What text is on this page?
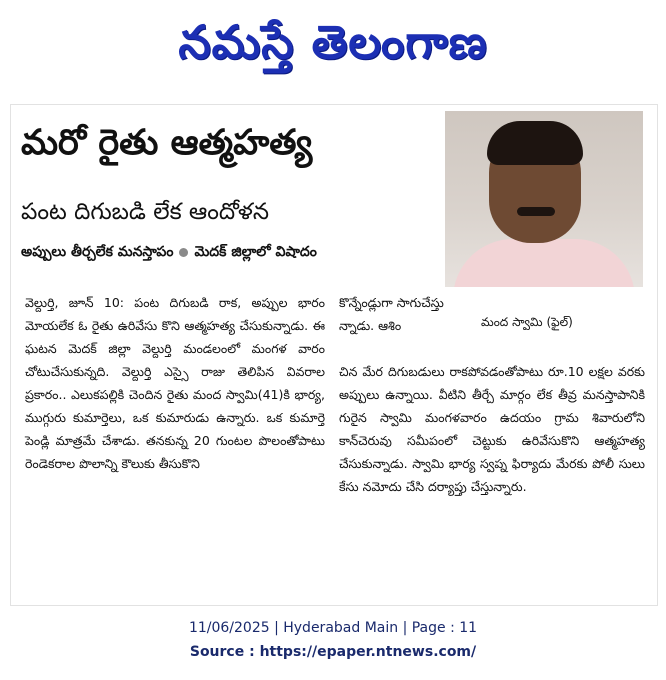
నమస్తే తెలంగాణ
మరో రైతు ఆత్మహత్య
పంట దిగుబడి లేక ఆందోళన
అప్పులు తీర్చలేక మనస్తాపం మెదక్ జిల్లాలో విషాదం

వెల్దుర్తి, జూన్ 10: పంట దిగుబడి రాక, అప్పుల భారం మోయలేక ఓ రైతు ఉరివేసు కొని ఆత్మహత్య చేసుకున్నాడు. ఈ ఘటన మెదక్ జిల్లా వెల్దుర్తి మండలంలో మంగళ వారం చోటుచేసుకున్నది. వెల్దుర్తి ఎస్సై రాజు తెలిపిన వివరాల ప్రకారం.. ఎలుకపల్లికి చెందిన రైతు మంద స్వామి(41)కి భార్య, ముగ్గురు కుమార్తెలు, ఒక కుమారుడు ఉన్నారు. ఒక కుమార్తె పెండ్లి మాత్రమే చేశాడు. తనకున్న 20 గుంటల పొలంతోపాటు రెండెకరాల పొలాన్ని కౌలుకు తీసుకొని

కొన్నేండ్లుగా సాగుచేస్తు న్నాడు. ఆశిం	మంద స్వామి (ఫైల్)

చిన మేర దిగుబడులు రాకపోవడంతోపాటు రూ.10 లక్షల వరకు అప్పులు ఉన్నాయి. వీటిని తీర్చే మార్గం లేక తీవ్ర మనస్తాపానికి గురైన స్వామి మంగళవారం ఉదయం గ్రామ శివారులోని కాన్‌చెరువు సమీపంలో చెట్టుకు ఉరివేసుకొని ఆత్మహత్య చేసుకున్నాడు. స్వామి భార్య స్వప్న ఫిర్యాదు మేరకు పోలీ సులు కేసు నమోదు చేసి దర్యాప్తు చేస్తున్నారు.

11/06/2025 | Hyderabad Main | Page : 11
Source : https://epaper.ntnews.com/
